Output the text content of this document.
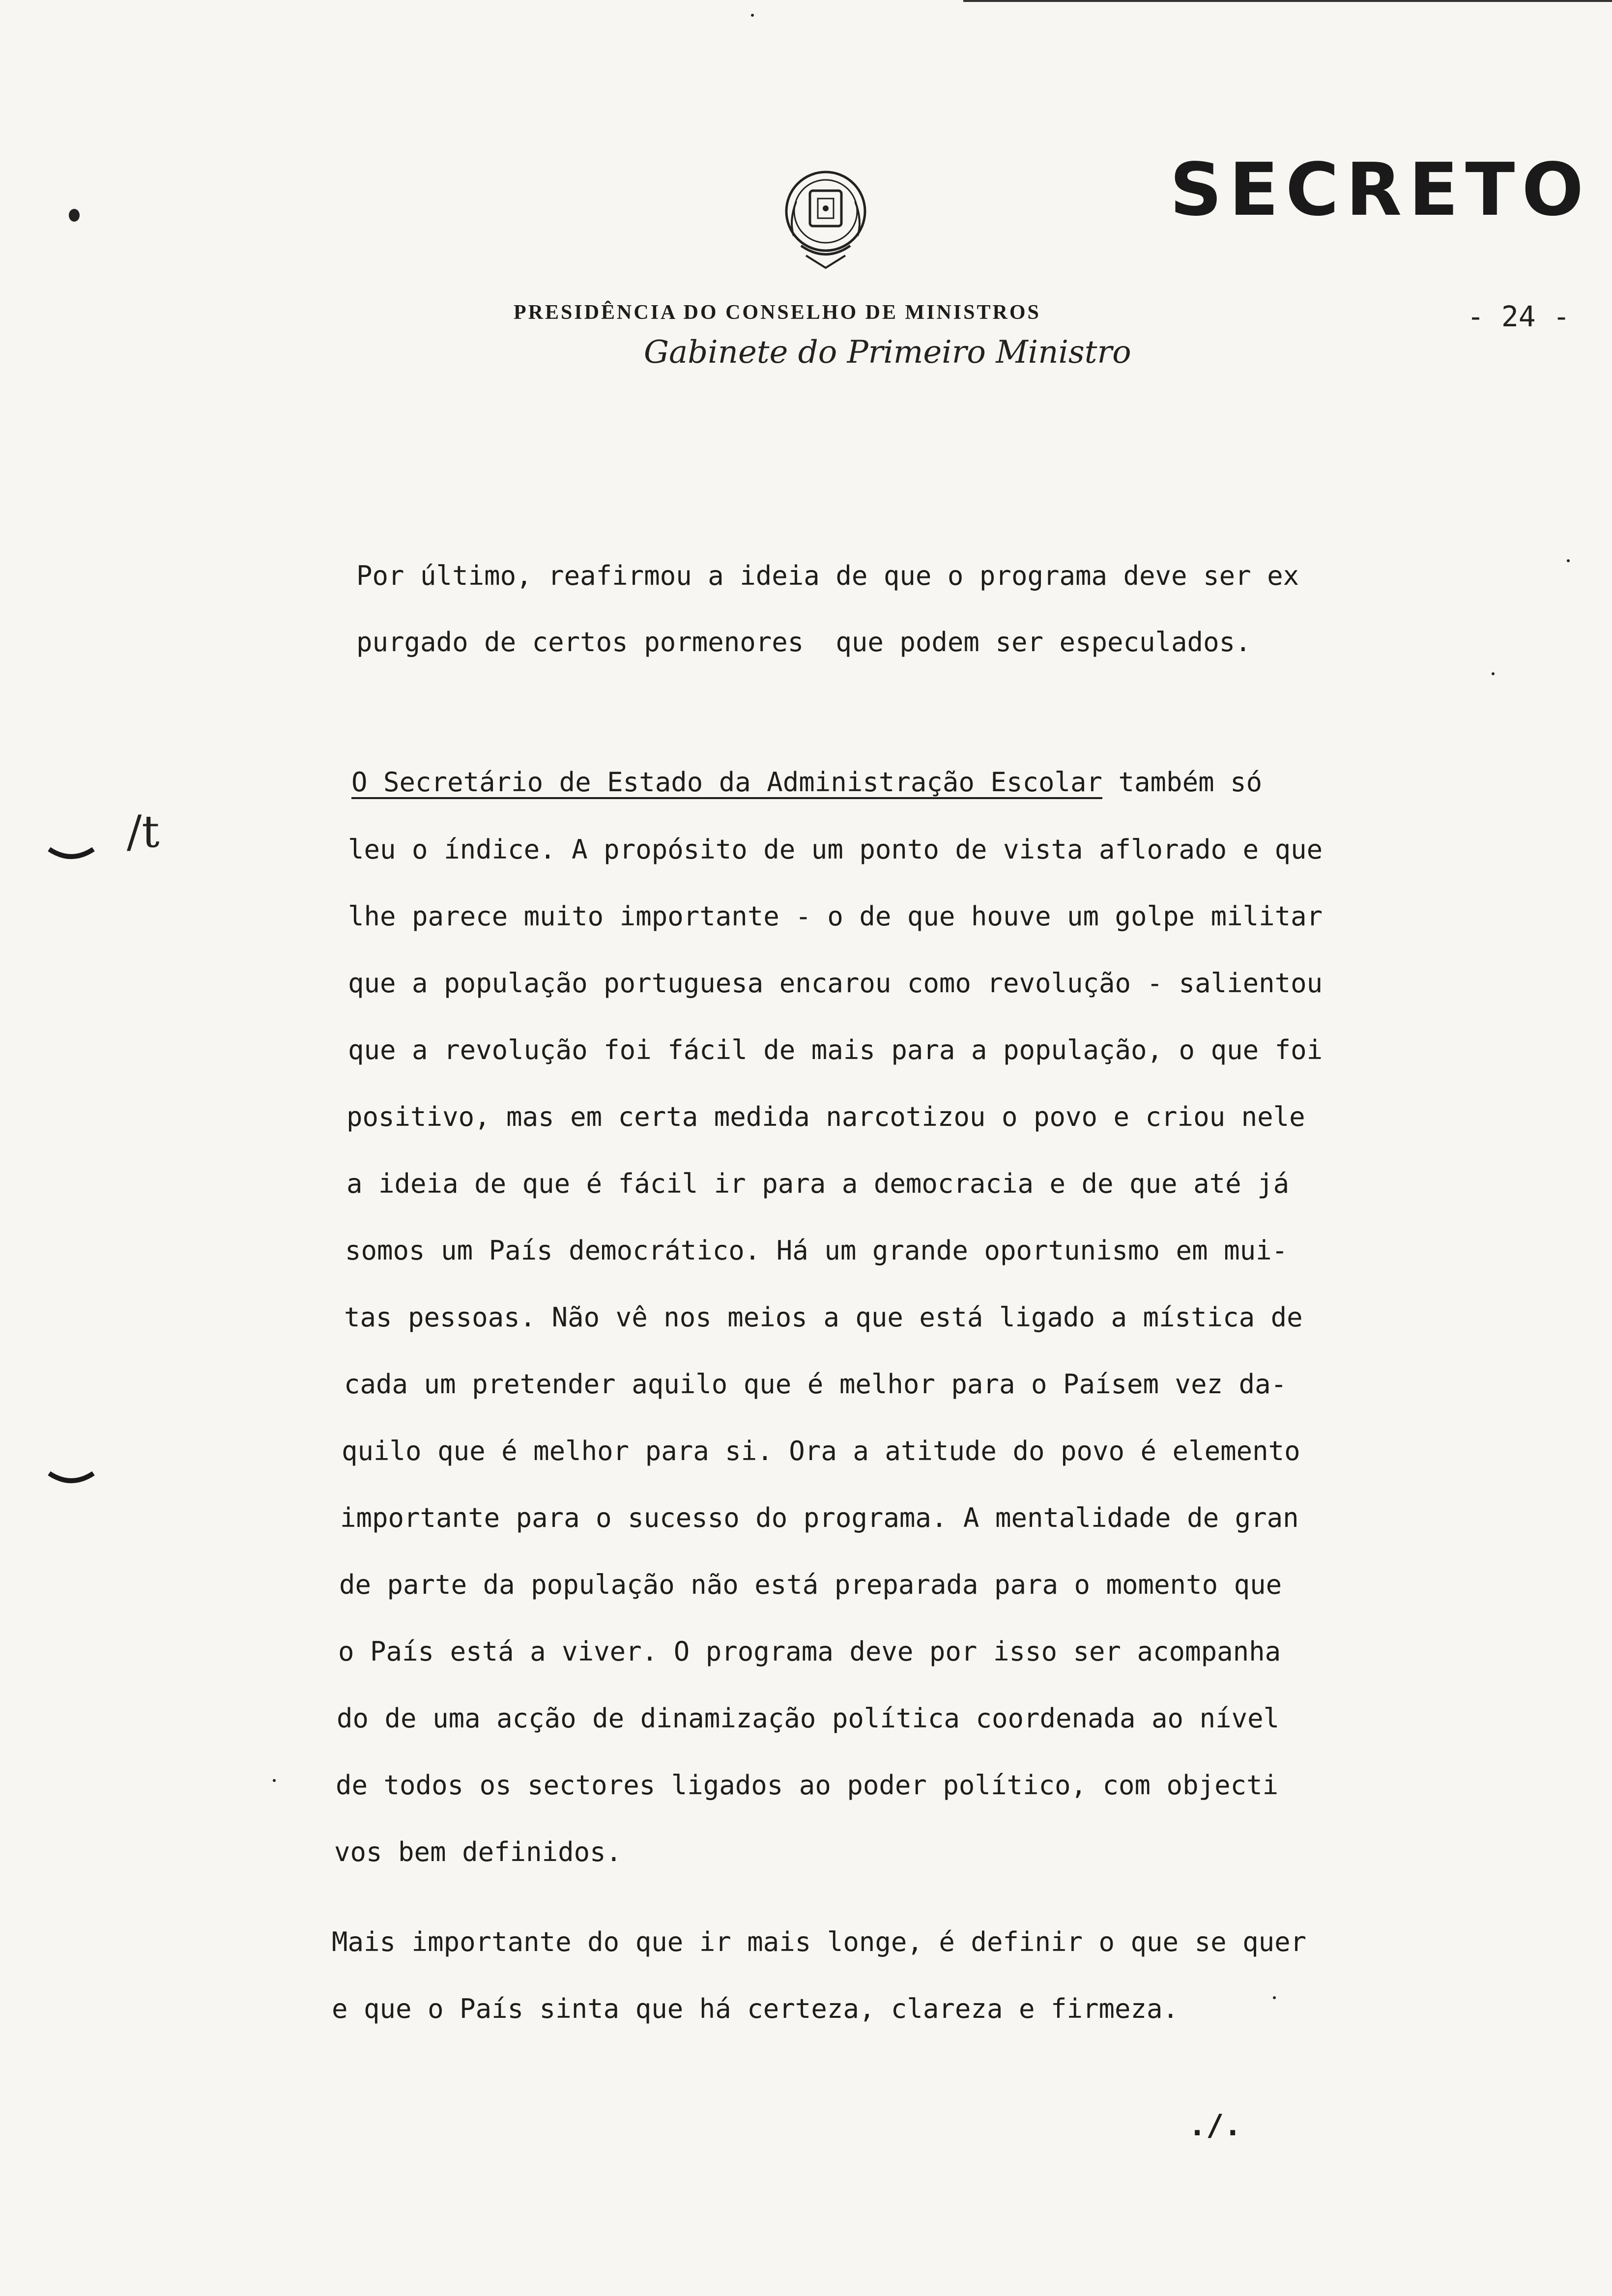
/t
SECRETO
- 24 -
PRESIDÊNCIA DO CONSELHO DE MINISTROS
Gabinete do Primeiro Ministro
Por último, reafirmou a ideia de que o programa deve ser ex
purgado de certos pormenores  que podem ser especulados.
O Secretário de Estado da Administração Escolar também só
leu o índice. A propósito de um ponto de vista aflorado e que
lhe parece muito importante - o de que houve um golpe militar
que a população portuguesa encarou como revolução - salientou
que a revolução foi fácil de mais para a população, o que foi
positivo, mas em certa medida narcotizou o povo e criou nele
a ideia de que é fácil ir para a democracia e de que até já
somos um País democrático. Há um grande oportunismo em mui-
tas pessoas. Não vê nos meios a que está ligado a mística de
cada um pretender aquilo que é melhor para o Paísem vez da-
quilo que é melhor para si. Ora a atitude do povo é elemento
importante para o sucesso do programa. A mentalidade de gran
de parte da população não está preparada para o momento que
o País está a viver. O programa deve por isso ser acompanha
do de uma acção de dinamização política coordenada ao nível
de todos os sectores ligados ao poder político, com objecti
vos bem definidos.
Mais importante do que ir mais longe, é definir o que se quer
e que o País sinta que há certeza, clareza e firmeza.
./.
